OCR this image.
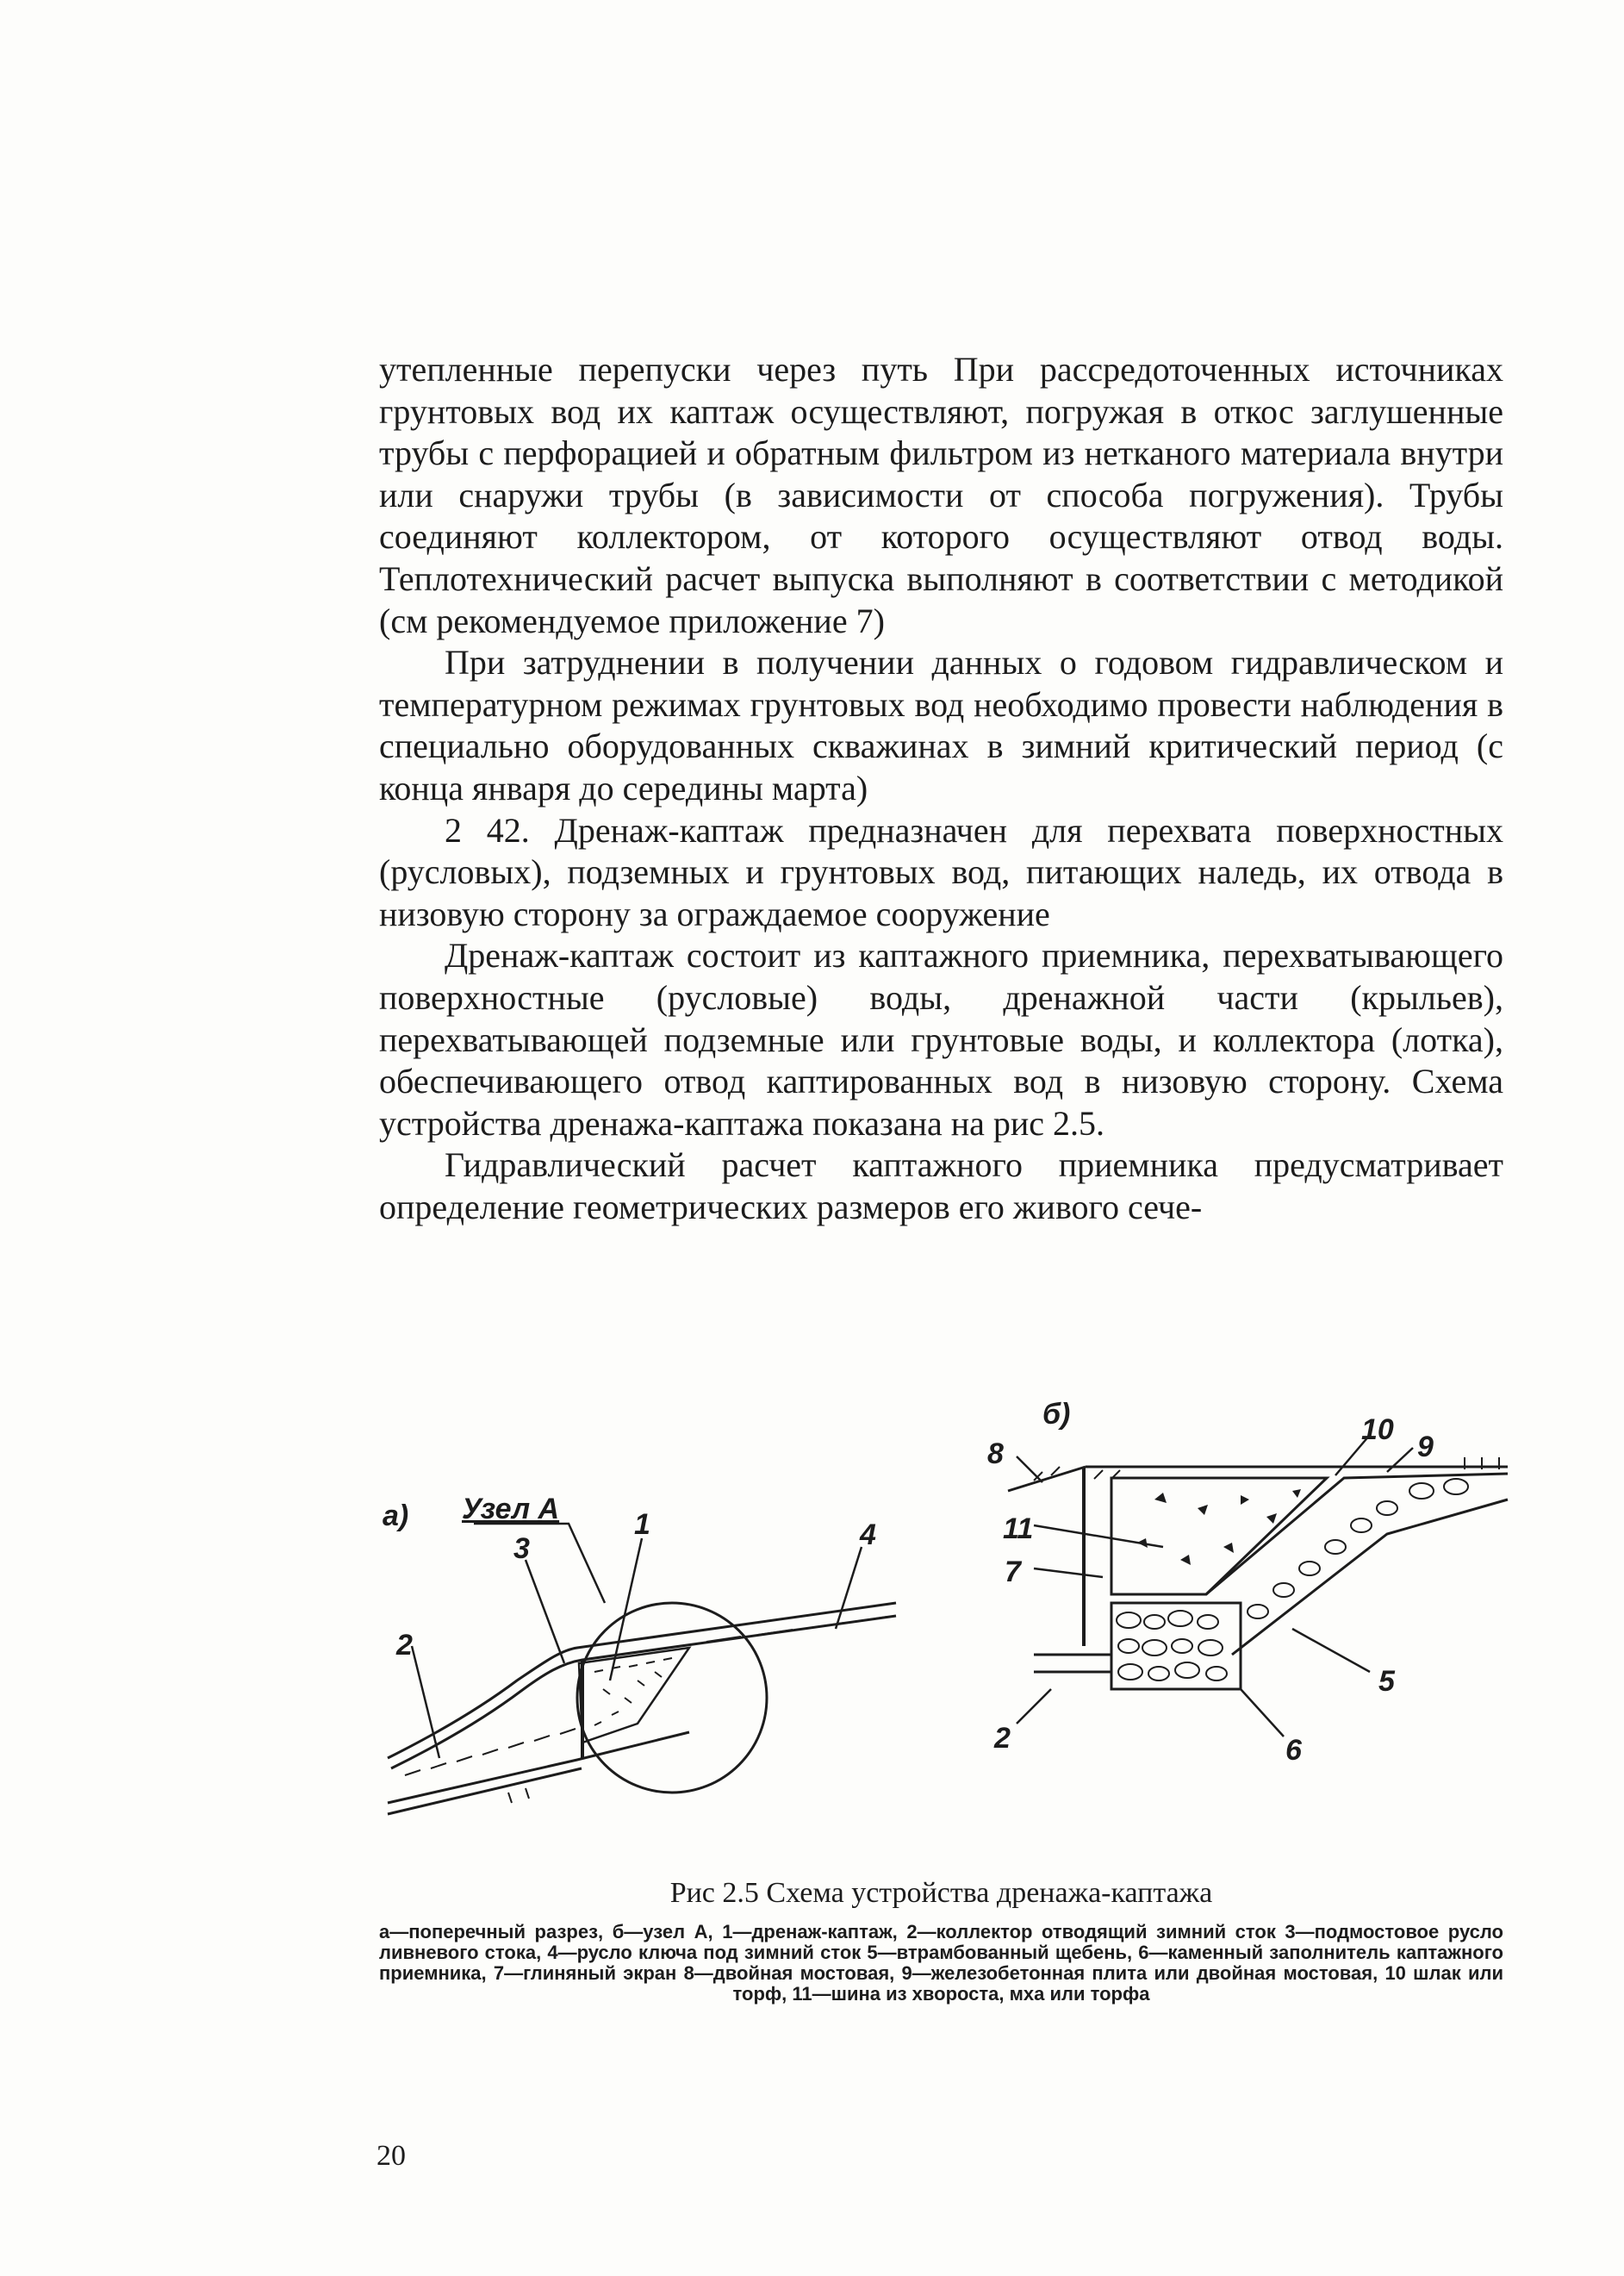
утепленные перепуски через путь При рассредоточенных источниках грунтовых вод их каптаж осуществляют, погружая в откос заглушенные трубы с перфорацией и обратным фильтром из нетканого материала внутри или снаружи трубы (в зависимости от способа погружения). Трубы соединяют коллектором, от которого осуществляют отвод воды. Теплотехнический расчет выпуска выполняют в соответствии с методикой (см рекомендуемое приложение 7)

При затруднении в получении данных о годовом гидравлическом и температурном режимах грунтовых вод необходимо провести наблюдения в специально оборудованных скважинах в зимний критический период (с конца января до середины марта)

2 42. Дренаж-каптаж предназначен для перехвата поверхностных (русловых), подземных и грунтовых вод, питающих наледь, их отвода в низовую сторону за ограждаемое сооружение

Дренаж-каптаж состоит из каптажного приемника, перехватывающего поверхностные (русловые) воды, дренажной части (крыльев), перехватывающей подземные или грунтовые воды, и коллектора (лотка), обеспечивающего отвод каптированных вод в низовую сторону. Схема устройства дренажа-каптажа показана на рис 2.5.

Гидравлический расчет каптажного приемника предусматривает определение геометрических размеров его живого сече-

а) Узел А	1
2
3	4
б)
2
5
6
7
8	9
10
11
Рис 2.5 Схема устройства дренажа-каптажа
а—поперечный разрез, б—узел А, 1—дренаж-каптаж, 2—коллектор отводящий зимний сток 3—подмостовое русло ливневого стока, 4—русло ключа под зимний сток 5—втрамбованный щебень, 6—каменный заполнитель каптажного приемника, 7—глиняный экран 8—двойная мостовая, 9—железобетонная плита или двойная мостовая, 10 шлак или торф, 11—шина из хвороста, мха или торфа
20
